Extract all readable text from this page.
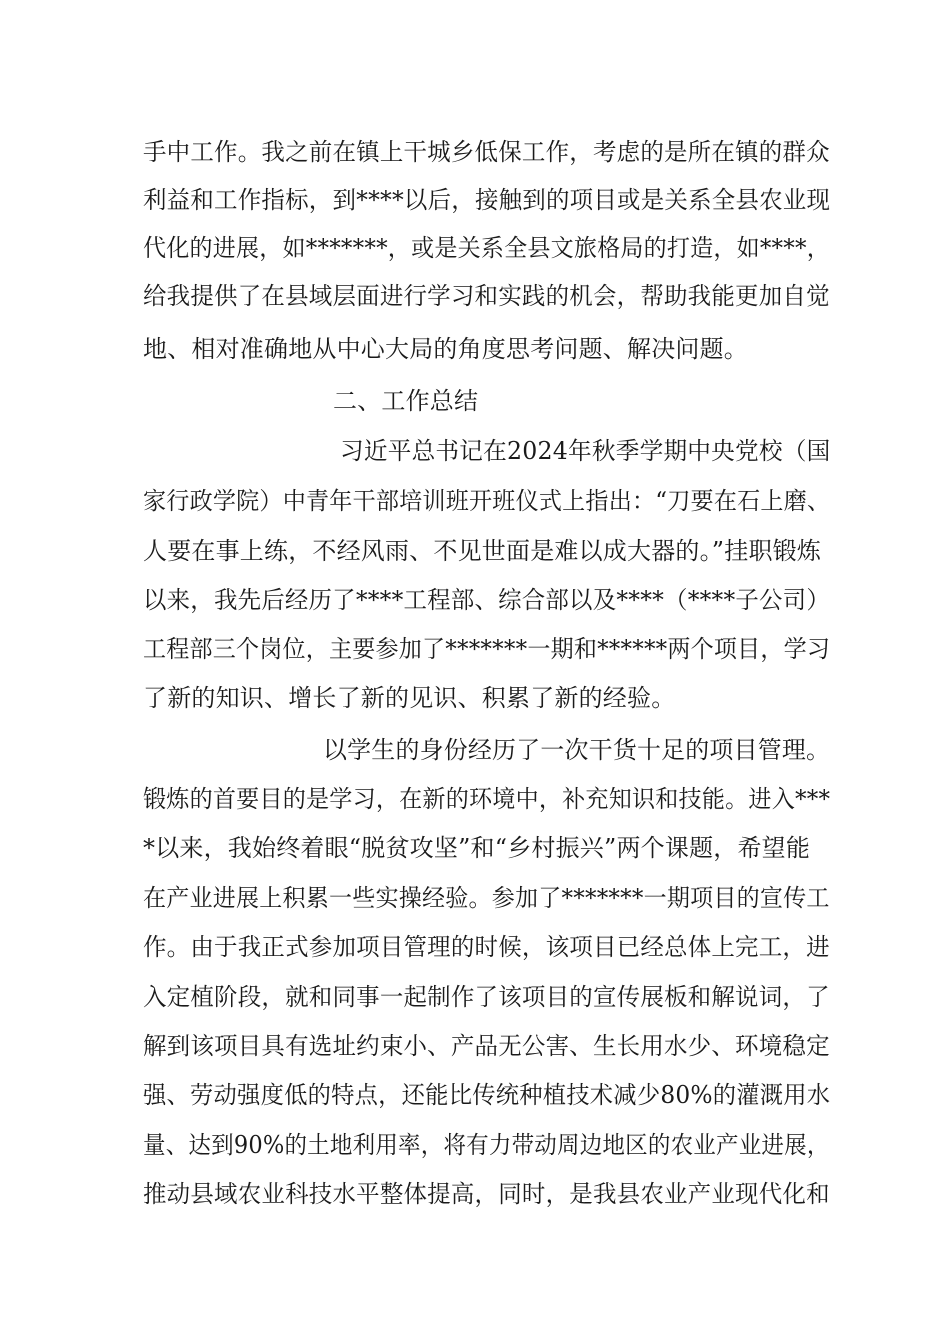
手中工作。我之前在镇上干城乡低保工作，考虑的是所在镇的群众
利益和工作指标，到****以后，接触到的项目或是关系全县农业现
代化的进展，如*******，或是关系全县文旅格局的打造，如****，
给我提供了在县域层面进行学习和实践的机会，帮助我能更加自觉
地、相对准确地从中心大局的角度思考问题、解决问题。
二、工作总结
习近平总书记在2024年秋季学期中央党校（国
家行政学院）中青年干部培训班开班仪式上指出：“刀要在石上磨、
人要在事上练，不经风雨、不见世面是难以成大器的。”挂职锻炼
以来，我先后经历了****工程部、综合部以及****（****子公司）
工程部三个岗位，主要参加了*******一期和******两个项目，学习
了新的知识、增长了新的见识、积累了新的经验。
以学生的身份经历了一次干货十足的项目管理。
锻炼的首要目的是学习，在新的环境中，补充知识和技能。进入***
*以来，我始终着眼“脱贫攻坚”和“乡村振兴”两个课题，希望能
在产业进展上积累一些实操经验。参加了*******一期项目的宣传工
作。由于我正式参加项目管理的时候，该项目已经总体上完工，进
入定植阶段，就和同事一起制作了该项目的宣传展板和解说词，了
解到该项目具有选址约束小、产品无公害、生长用水少、环境稳定
强、劳动强度低的特点，还能比传统种植技术减少80%的灌溉用水
量、达到90%的土地利用率，将有力带动周边地区的农业产业进展，
推动县域农业科技水平整体提高，同时，是我县农业产业现代化和
